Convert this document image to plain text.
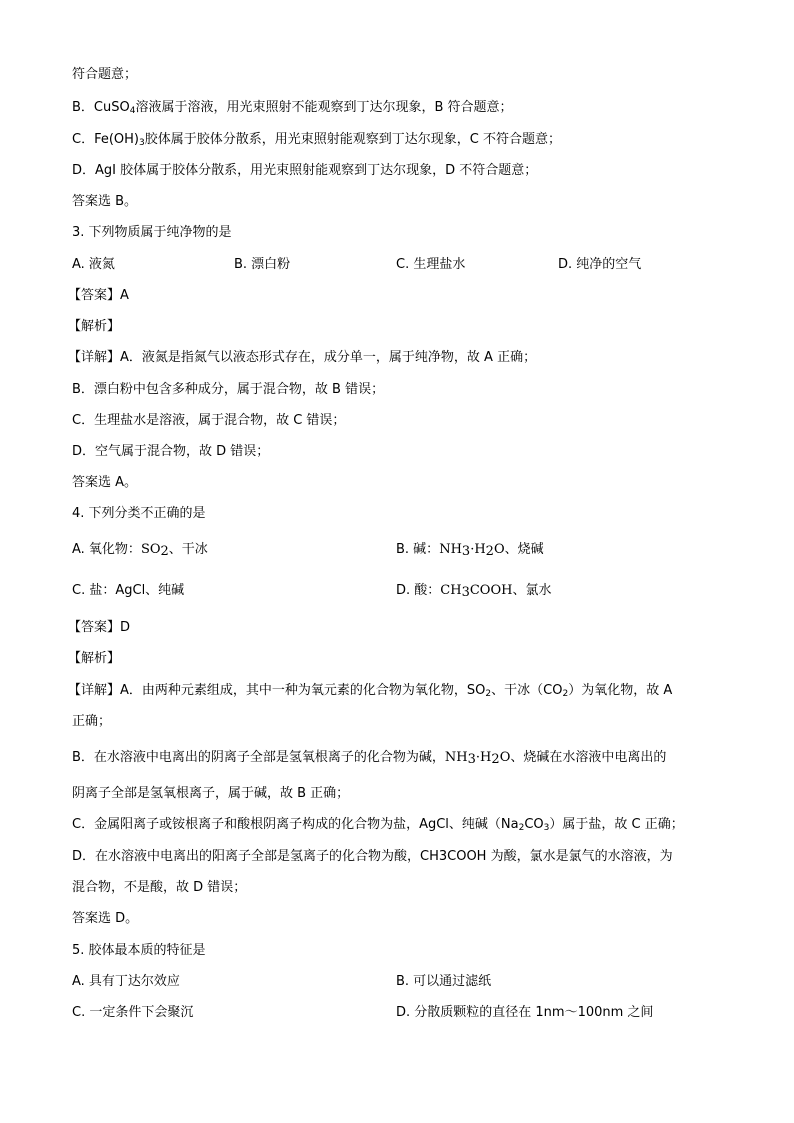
符合题意；
B．CuSO$_4$溶液属于溶液，用光束照射不能观察到丁达尔现象，B 符合题意；
C．$Fe(OH)_3$胶体属于胶体分散系，用光束照射能观察到丁达尔现象，C 不符合题意；
D．AgI 胶体属于胶体分散系，用光束照射能观察到丁达尔现象，D 不符合题意；
答案选 B。
3. 下列物质属于纯净物的是
A. 液氮	B. 漂白粉	C. 生理盐水	D. 纯净的空气
【答案】A
【解析】
【详解】A．液氮是指氮气以液态形式存在，成分单一，属于纯净物，故 A 正确；
B．漂白粉中包含多种成分，属于混合物，故 B 错误；
C．生理盐水是溶液，属于混合物，故 C 错误；
D．空气属于混合物，故 D 错误；
答案选 A。
4. 下列分类不正确的是
A. 氧化物：$SO_2$、干冰	B. 碱：$NH_3\cdot H_2O$、烧碱
C. 盐：AgCl、纯碱	D. 酸：$CH_3COOH$、氯水
【答案】D
【解析】
【详解】A．由两种元素组成，其中一种为氧元素的化合物为氧化物，$SO_2$、干冰$(CO_2)$为氧化物，故 A
正确；
B．在水溶液中电离出的阴离子全部是氢氧根离子的化合物为碱，$NH_3\cdot H_2O$、烧碱在水溶液中电离出的
阴离子全部是氢氧根离子，属于碱，故 B 正确；
C．金属阳离子或铵根离子和酸根阴离子构成的化合物为盐，AgCl、纯碱$(Na_2CO_3)$属于盐，故 C 正确；
D．在水溶液中电离出的阳离子全部是氢离子的化合物为酸，CH3COOH 为酸，氯水是氯气的水溶液，为
混合物，不是酸，故 D 错误；
答案选 D。
5. 胶体最本质的特征是
A. 具有丁达尔效应	B. 可以通过滤纸
C. 一定条件下会聚沉	D. 分散质颗粒的直径在 1nm～100nm 之间
